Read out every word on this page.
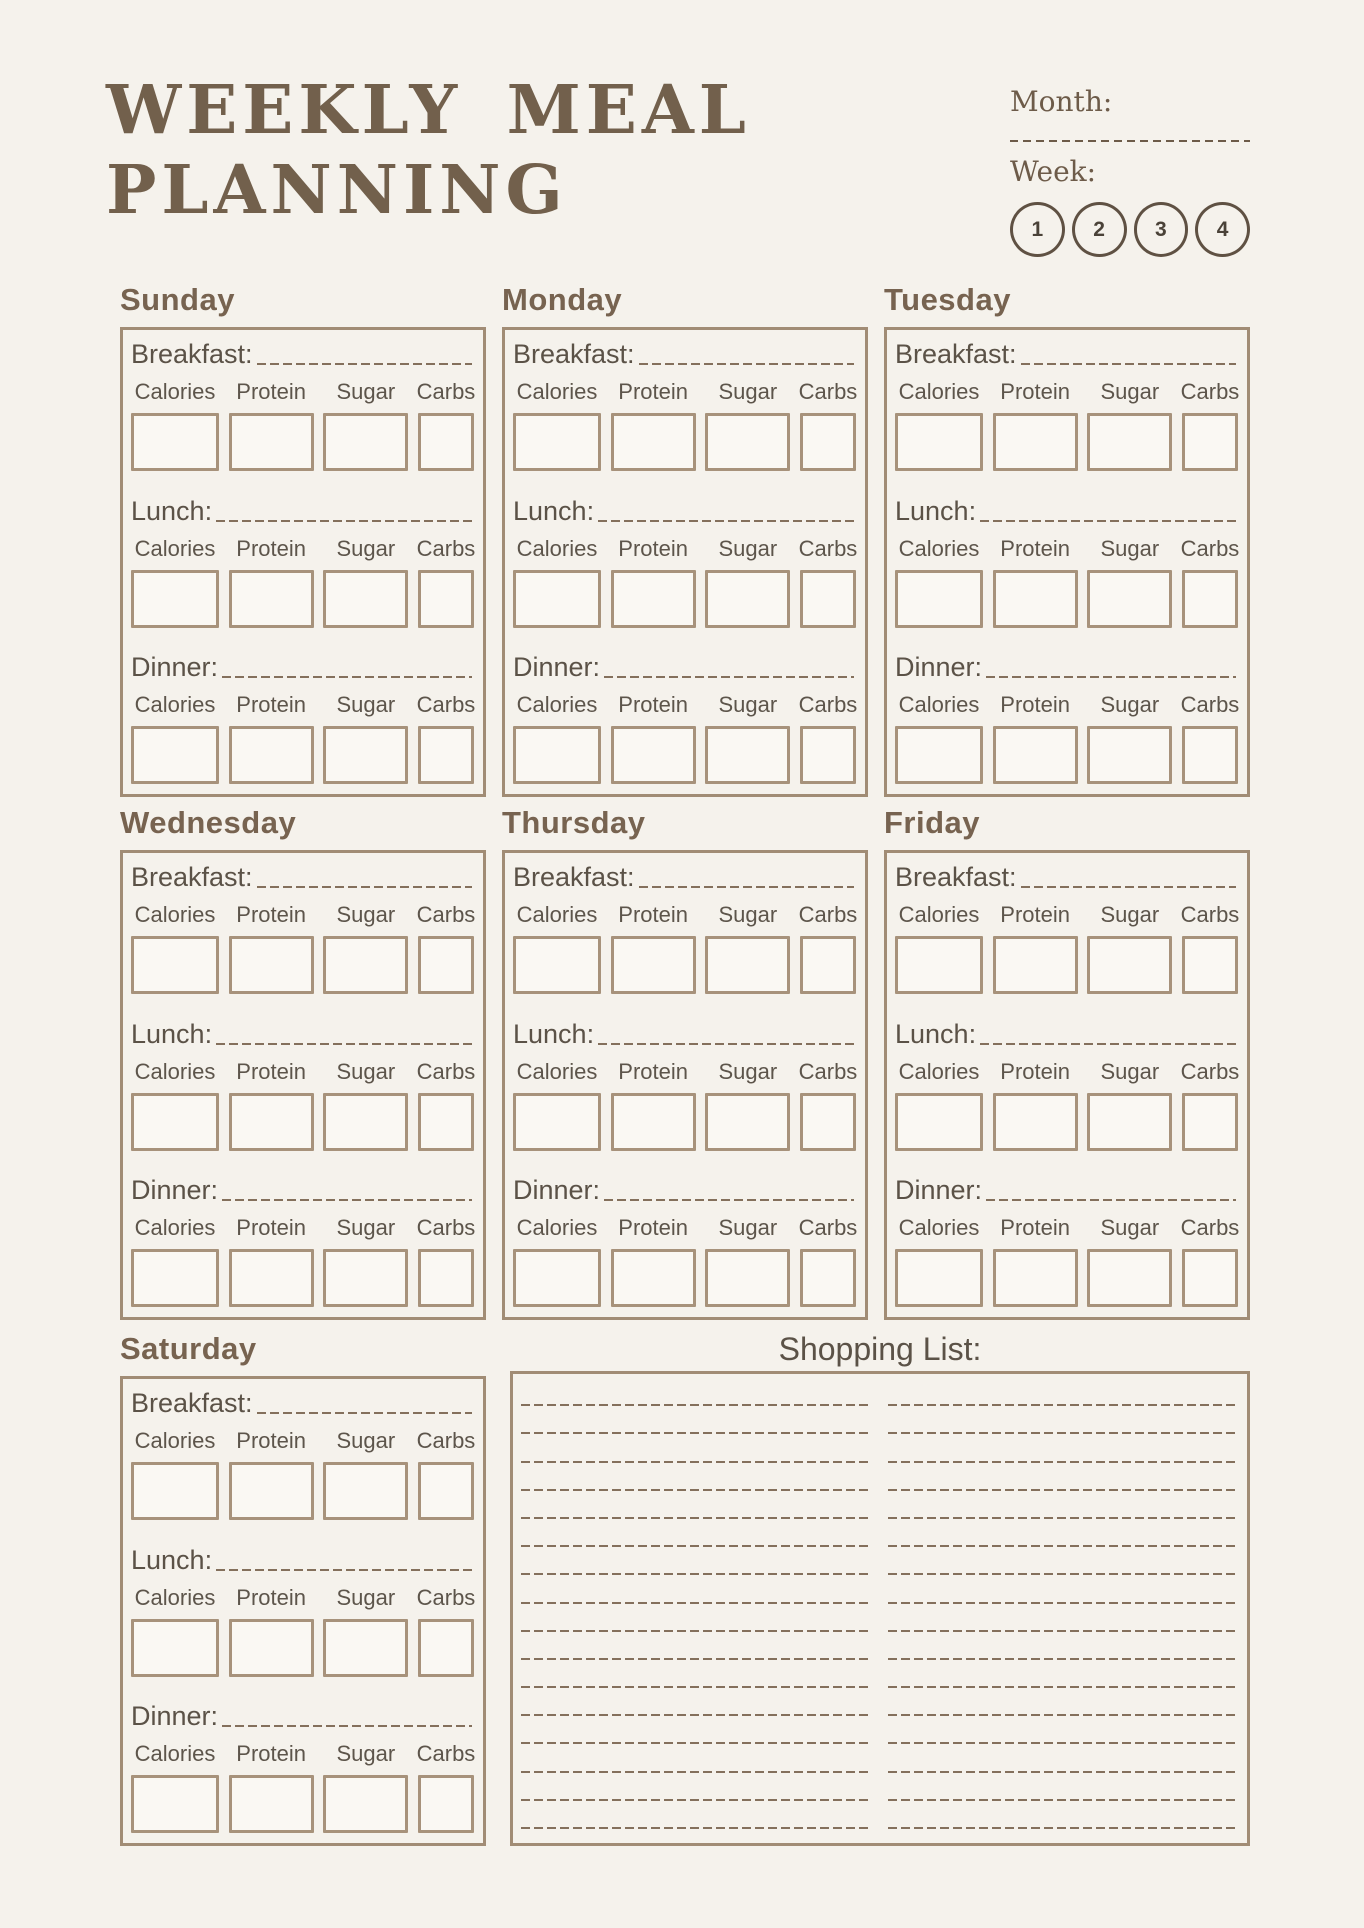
WEEKLY MEAL
PLANNING
Month:
Week:
1 2 3 4
Sunday
Breakfast:
Calories Protein Sugar Carbs
Lunch:
Calories Protein Sugar Carbs
Dinner:
Calories Protein Sugar Carbs
Monday
Breakfast:
Calories Protein Sugar Carbs
Lunch:
Calories Protein Sugar Carbs
Dinner:
Calories Protein Sugar Carbs
Tuesday
Breakfast:
Calories Protein Sugar Carbs
Lunch:
Calories Protein Sugar Carbs
Dinner:
Calories Protein Sugar Carbs
Wednesday
Breakfast:
Calories Protein Sugar Carbs
Lunch:
Calories Protein Sugar Carbs
Dinner:
Calories Protein Sugar Carbs
Thursday
Breakfast:
Calories Protein Sugar Carbs
Lunch:
Calories Protein Sugar Carbs
Dinner:
Calories Protein Sugar Carbs
Friday
Breakfast:
Calories Protein Sugar Carbs
Lunch:
Calories Protein Sugar Carbs
Dinner:
Calories Protein Sugar Carbs
Saturday
Breakfast:
Calories Protein Sugar Carbs
Lunch:
Calories Protein Sugar Carbs
Dinner:
Calories Protein Sugar Carbs
Shopping List:
